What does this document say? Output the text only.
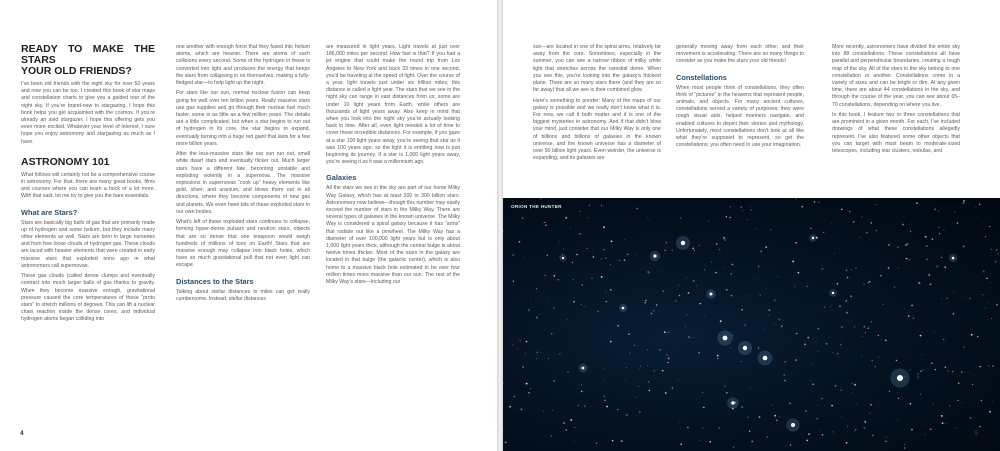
READY TO MAKE THE STARS
YOUR OLD FRIENDS?

I’ve been old friends with the night sky for over 50 years and now you can be too. I created this book of star maps and constellation charts to give you a guided tour of the night sky. If you’re brand-new to stargazing, I hope this book helps you get acquainted with the cosmos. If you’re already an avid stargazer, I hope this offering gets you even more excited. Whatever your level of interest, I sure hope you enjoy astronomy and stargazing as much as I have.

ASTRONOMY 101

What follows will certainly not be a comprehensive course in astronomy. For that, there are many great books, films and courses where you can learn a heck of a lot more. With that said, let me try to give you the bare essentials.

What are Stars?

Stars are basically big balls of gas that are primarily made up of hydrogen and some helium, but they include many other elements as well. Stars are born in large nurseries and from free loose clouds of hydrogen gas. These clouds are laced with heavier elements that were created in early massive stars that exploded eons ago in what astronomers call supernovae.

These gas clouds (called dense clumps and eventually contract into much larger balls of gas thanks to gravity. When they become massive enough, gravitational pressure caused the core temperatures of these “proto stars” to stretch millions of degrees. This can lift a nuclear chain reaction inside the dense cores, and individual hydrogen atoms began colliding into

one another with enough force that they fused into helium atoms, which are heavier. There are atoms of such collisions every second. Some of the hydrogen in these is converted into light and produces the energy that keeps the stars from collapsing in on themselves, making a fully-fledged star—to help light up the night.

For stars like our sun, normal nuclear fusion can keep going for well over ten billion years. Really massive stars use gas supplies and go through their nuclear fuel much faster, some in as little as a few million years. The details are a little complicated, but when a star begins to run out of hydrogen in its core, the star begins to expand, eventually turning into a huge red giant that lasts for a few more billion years.

After the less-massive stars like our sun run out, small white dwarf stars and eventually flicker out. Much larger stars have a different fate, becoming unstable and exploding violently in a supernova. The massive explosions in supernovas “cook up” heavy elements like gold, silver, and uranium, and blows them out in all directions, where they become components of new gas and planets. We even have bits of these exploded stars in our own bodies.

What’s left of these exploded stars continues to collapse, forming hyper-dense pulsars and neutron stars, objects that are so dense that one teaspoon would weigh hundreds of millions of tons on Earth! Stars that are massive enough may collapse into black holes, which have so much gravitational pull that not even light can escape.

Distances to the Stars

Talking about stellar distances in miles can get really cumbersome. Instead, stellar distances

are measured in light years. Light travels at just over 186,000 miles per second. How fast is that? If you had a jet engine that could make the round trip from Los Angeles to New York and back 33 times in one second, you’d be traveling at the speed of light. Over the course of a year, light travels just under six trillion miles; this distance is called a light year. The stars that we see in the night sky can range in vast distances from us; some are under 10 light years from Earth, while others are thousands of light years away. Also keep in mind that when you look into the night sky you’re actually looking back in time. After all, even light needed a lot of time to cover those incredible distances. For example, if you gaze at a star 100 light years away, you’re seeing that star as it was 100 years ago; so the light it is emitting now is just beginning its journey. If a star is 1,000 light years away, you’re seeing it as it was a millennium ago.

Galaxies

All the stars we see in the sky are part of our home Milky Way Galaxy, which has at least 200 to 300 billion stars. Astronomers now believe—though this number may easily exceed the number of stars in the Milky Way. There are several types of galaxies in the known universe. The Milky Way is considered a spiral galaxy because it has “arms” that radiate out like a pinwheel. The Milky Way has a diameter of over 100,000 light years but is only about 1,000 light years thick, although the central bulge is about twelve times thicker. Most of the stars in the galaxy are located in that bulge (the galactic center), which is also home to a massive black hole estimated to be over four million times more massive than our sun. The rest of the Milky Way’s stars—including our

4

sun—are located in one of the spiral arms, relatively far away from the core. Sometimes, especially in the summer, you can see a narrow ribbon of milky white light that stretches across the celestial dome. When you see this, you’re looking into the galaxy’s thickest plane. There are so many stars there (and they are so far away) that all we see is their combined glow.

Here’s something to ponder: Many of the maps of our galaxy is possible and we really don’t know what it is. For now, we call it both matter and it is one of the biggest mysteries in astronomy. And if that didn’t blow your mind, just consider that our Milky Way is only one of billions and billions of galaxies in the known universe, and the known universe has a diameter of over 90 billion light years. Even weirder, the universe is expanding, and its galaxies are

generally moving away from each other, and their movement is accelerating. There are so many things to consider as you make the stars your old friends!

Constellations

When most people think of constellations, they often think of “pictures” in the heavens that represent people, animals, and objects. For many ancient cultures, constellations served a variety of purposes; they were rough visual aids, helped mariners navigate, and enabled cultures to depict their stories and mythology. Unfortunately, most constellations don’t look at all like what they’re supposed to represent, so get the constellations; you often need to use your imagination.

More recently, astronomers have divided the entire sky into 88 constellations. These constellations all have parallel and perpendicular boundaries, creating a rough map of the sky. All of the stars in the sky belong to one constellation or another. Constellations come in a variety of sizes and can be bright or dim. At any given time, there are about 44 constellations in the sky, and through the course of the year, you can see about 65–70 constellations, depending on where you live.

In this book, I feature two or three constellations that are prominent in a given month. For each, I’ve included drawings of what these constellations allegedly represent. I’ve also featured some other objects that you can target with most beam to moderate-sized telescopes, including star clusters, nebulas, and

ORION THE HUNTER
5
